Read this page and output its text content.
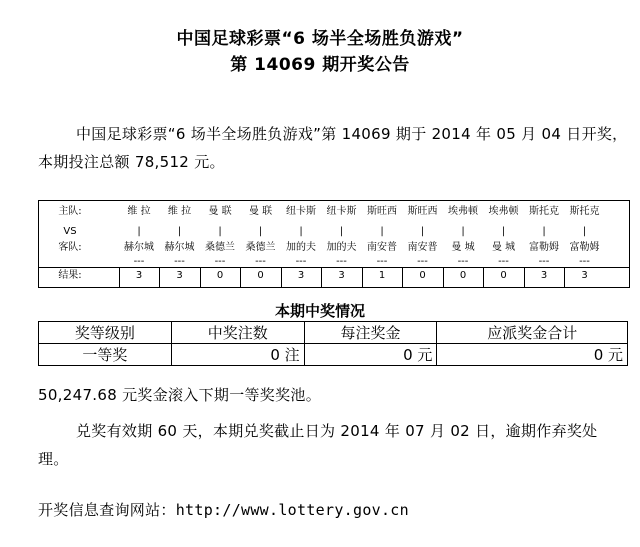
中国足球彩票“6 场半全场胜负游戏”
第 14069 期开奖公告
中国足球彩票“6 场半全场胜负游戏”第 14069 期于 2014 年 05 月 04 日开奖，本期投注总额 78,512 元。
主队:	维 拉	维 拉	曼 联	曼 联	纽卡斯	纽卡斯	斯旺西	斯旺西	埃弗顿	埃弗顿	斯托克	斯托克
VS	|	|	|	|	|	|	|	|	|	|	|	|
客队:	赫尔城	赫尔城	桑德兰	桑德兰	加的夫	加的夫	南安普	南安普	曼 城	曼 城	富勒姆	富勒姆
---	---	---	---	---	---	---	---	---	---	---	---
结果:	3	3	0	0	3	3	1	0	0	0	3	3
本期中奖情况
奖等级别	中奖注数	每注奖金	应派奖金合计
一等奖	0 注	0 元	0 元
50,247.68 元奖金滚入下期一等奖奖池。
兑奖有效期 60 天，本期兑奖截止日为 2014 年 07 月 02 日，逾期作弃奖处理。
开奖信息查询网站：http://www.lottery.gov.cn
